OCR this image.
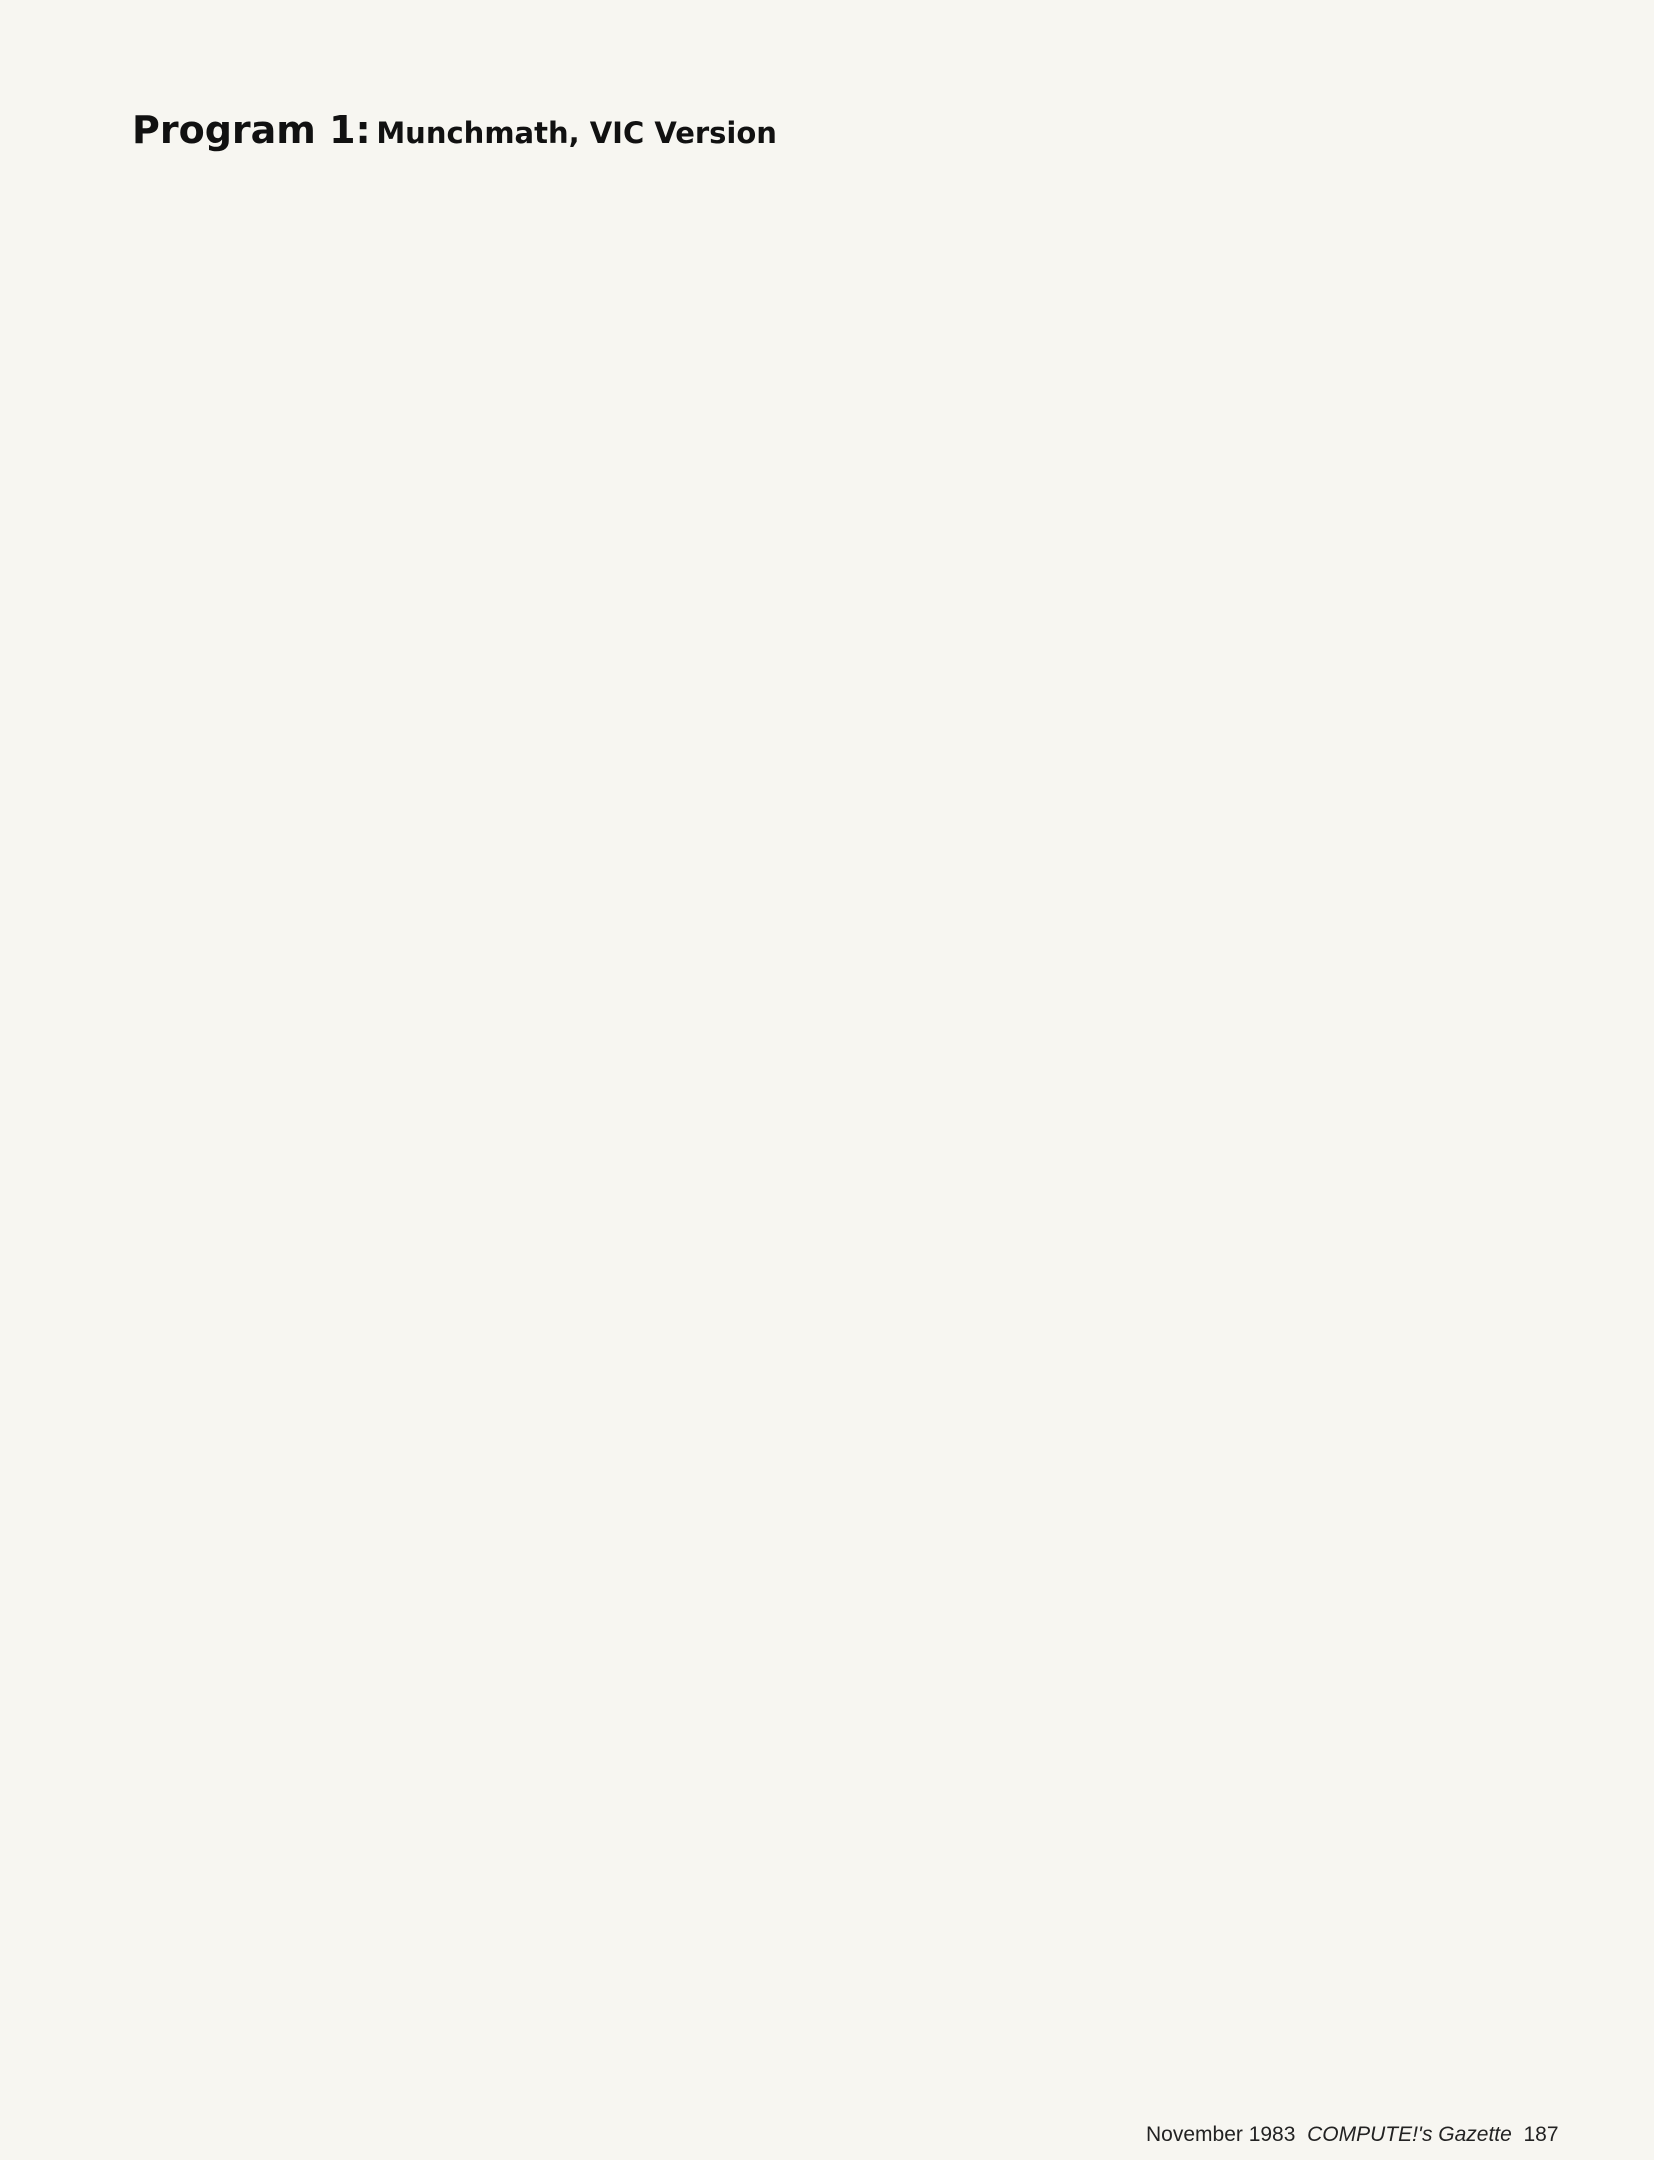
Program 1: Munchmath, VIC Version
November 1983 COMPUTE!'s Gazette 187
